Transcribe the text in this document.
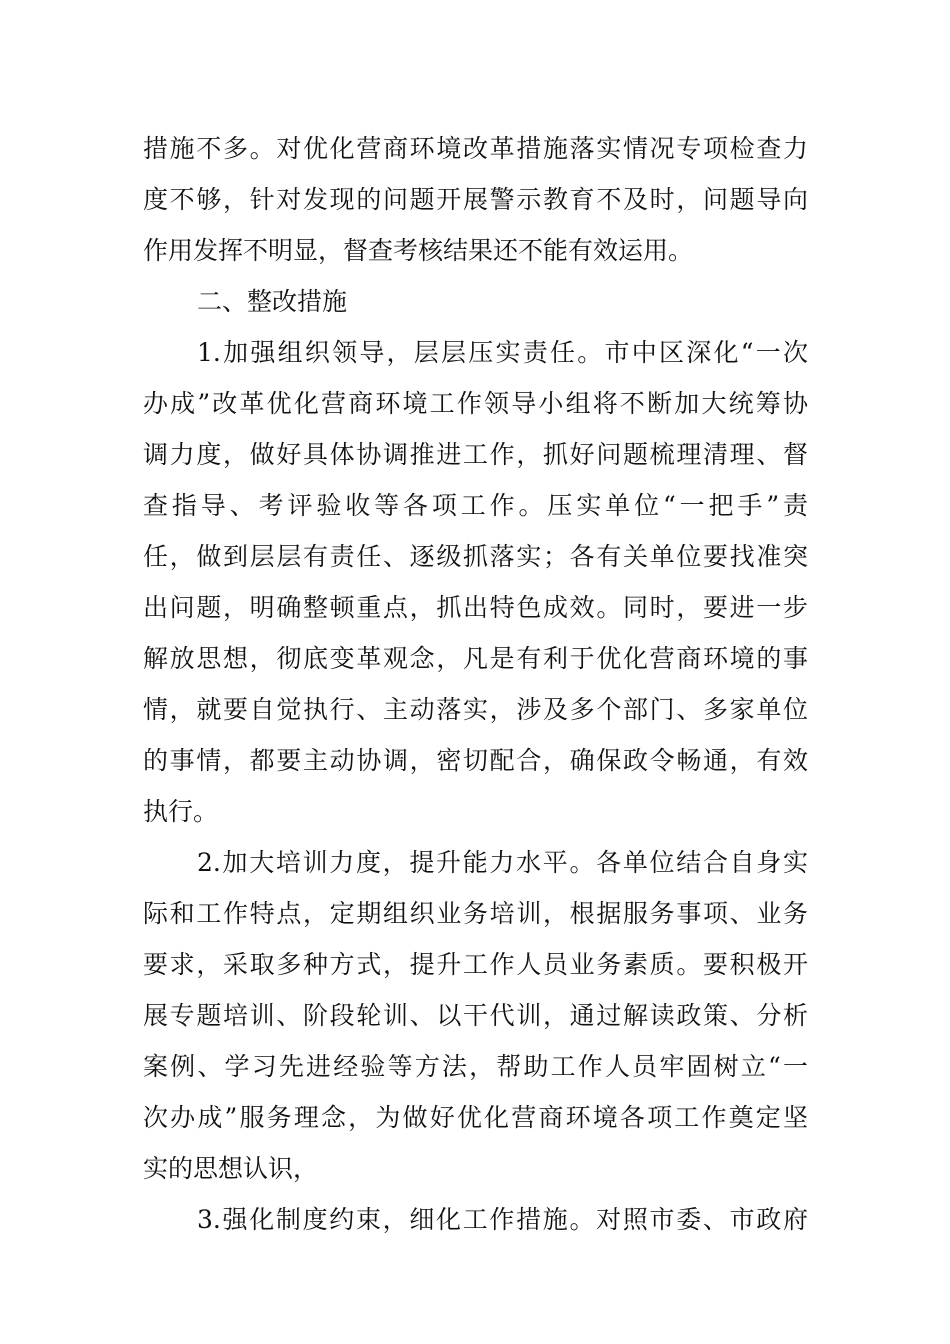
措施不多。对优化营商环境改革措施落实情况专项检查力
度不够，针对发现的问题开展警示教育不及时，问题导向
作用发挥不明显，督查考核结果还不能有效运用。
二、整改措施
1.加强组织领导，层层压实责任。市中区深化“一次
办成”改革优化营商环境工作领导小组将不断加大统筹协
调力度，做好具体协调推进工作，抓好问题梳理清理、督
查指导、考评验收等各项工作。压实单位“一把手”责
任，做到层层有责任、逐级抓落实；各有关单位要找准突
出问题，明确整顿重点，抓出特色成效。同时，要进一步
解放思想，彻底变革观念，凡是有利于优化营商环境的事
情，就要自觉执行、主动落实，涉及多个部门、多家单位
的事情，都要主动协调，密切配合，确保政令畅通，有效
执行。
2.加大培训力度，提升能力水平。各单位结合自身实
际和工作特点，定期组织业务培训，根据服务事项、业务
要求，采取多种方式，提升工作人员业务素质。要积极开
展专题培训、阶段轮训、以干代训，通过解读政策、分析
案例、学习先进经验等方法，帮助工作人员牢固树立“一
次办成”服务理念，为做好优化营商环境各项工作奠定坚
实的思想认识，
3.强化制度约束，细化工作措施。对照市委、市政府
